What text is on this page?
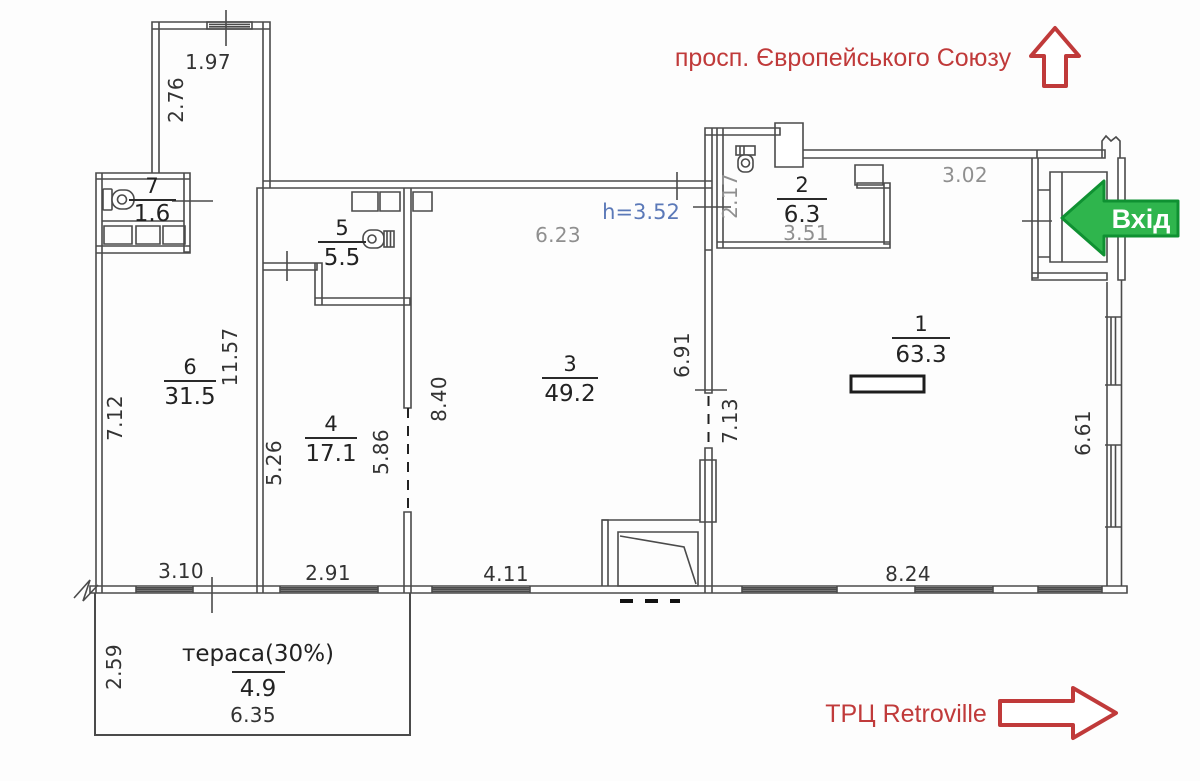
7
1.6
6
31.5
5
5.5
4
17.1
3
49.2
2
6.3
1
63.3
тераса(30%)
4.9
1.97
2.76
6.23
3.02
2.17
3.51
6.91
7.13
8.40
11.57
7.12
5.26	5.86
3.10	2.91	4.11	8.24
6.61
2.59
6.35
h=3.52
просп. Європейського Союзу
ТРЦ Retroville
Вхід
